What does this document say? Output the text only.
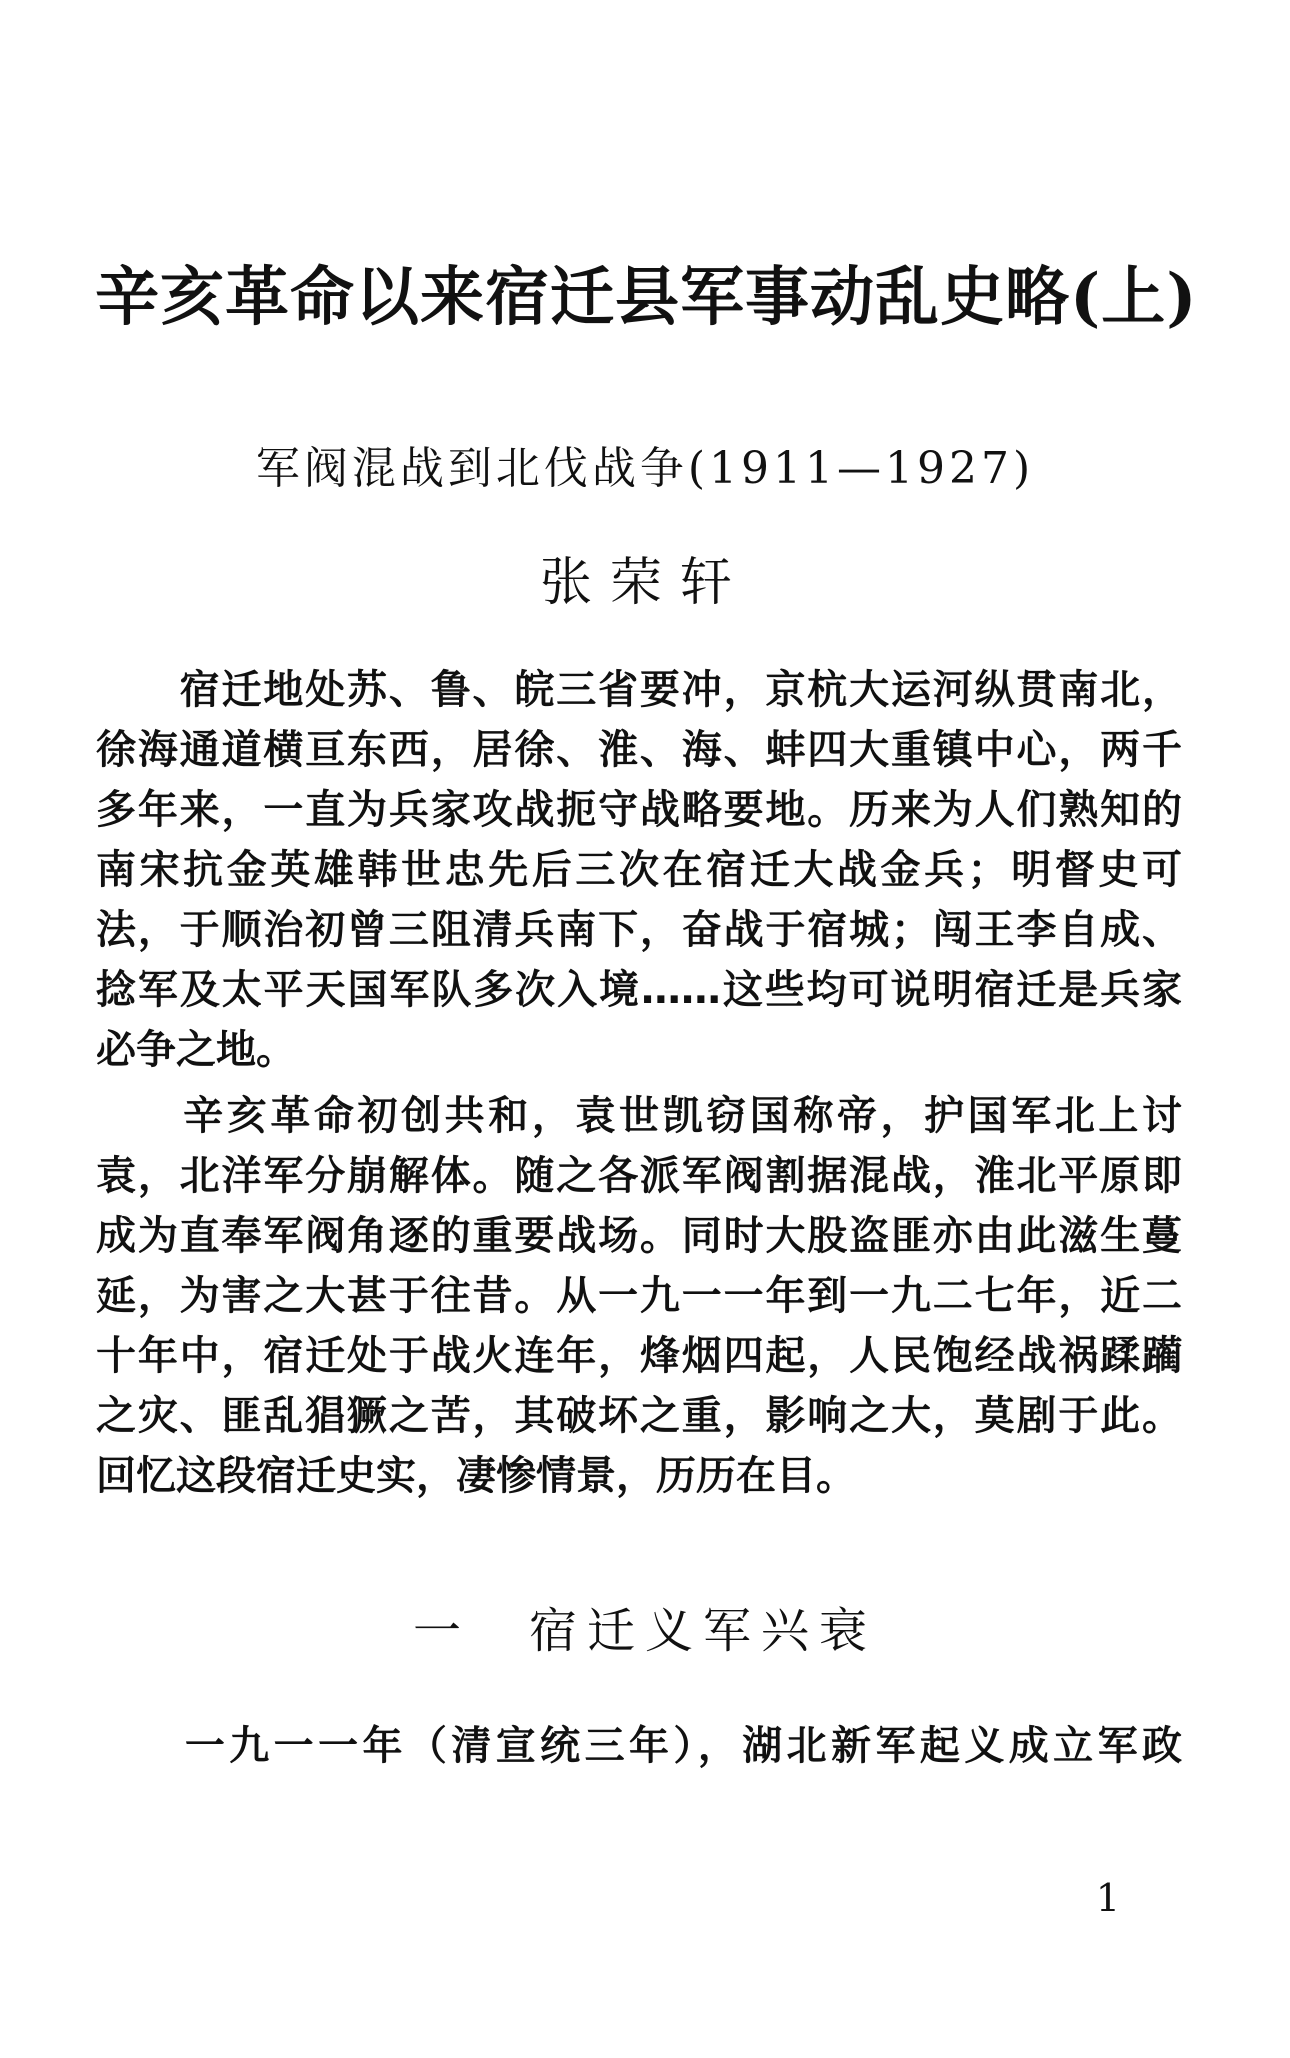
辛亥革命以来宿迁县军事动乱史略(上)
军阀混战到北伐战争(1911—1927)
张荣轩
　　宿迁地处苏、鲁、皖三省要冲，京杭大运河纵贯南北，
徐海通道横亘东西，居徐、淮、海、蚌四大重镇中心，两千
多年来，一直为兵家攻战扼守战略要地。历来为人们熟知的
南宋抗金英雄韩世忠先后三次在宿迁大战金兵；明督史可
法，于顺治初曾三阻清兵南下，奋战于宿城；闯王李自成、
捻军及太平天国军队多次入境……这些均可说明宿迁是兵家
必争之地。
　　辛亥革命初创共和，袁世凯窃国称帝，护国军北上讨
袁，北洋军分崩解体。随之各派军阀割据混战，淮北平原即
成为直奉军阀角逐的重要战场。同时大股盗匪亦由此滋生蔓
延，为害之大甚于往昔。从一九一一年到一九二七年，近二
十年中，宿迁处于战火连年，烽烟四起，人民饱经战祸蹂躏
之灾、匪乱猖獗之苦，其破坏之重，影响之大，莫剧于此。
回忆这段宿迁史实，凄惨情景，历历在目。
一 宿迁义军兴衰
　　一九一一年（清宣统三年），湖北新军起义成立军政
1
